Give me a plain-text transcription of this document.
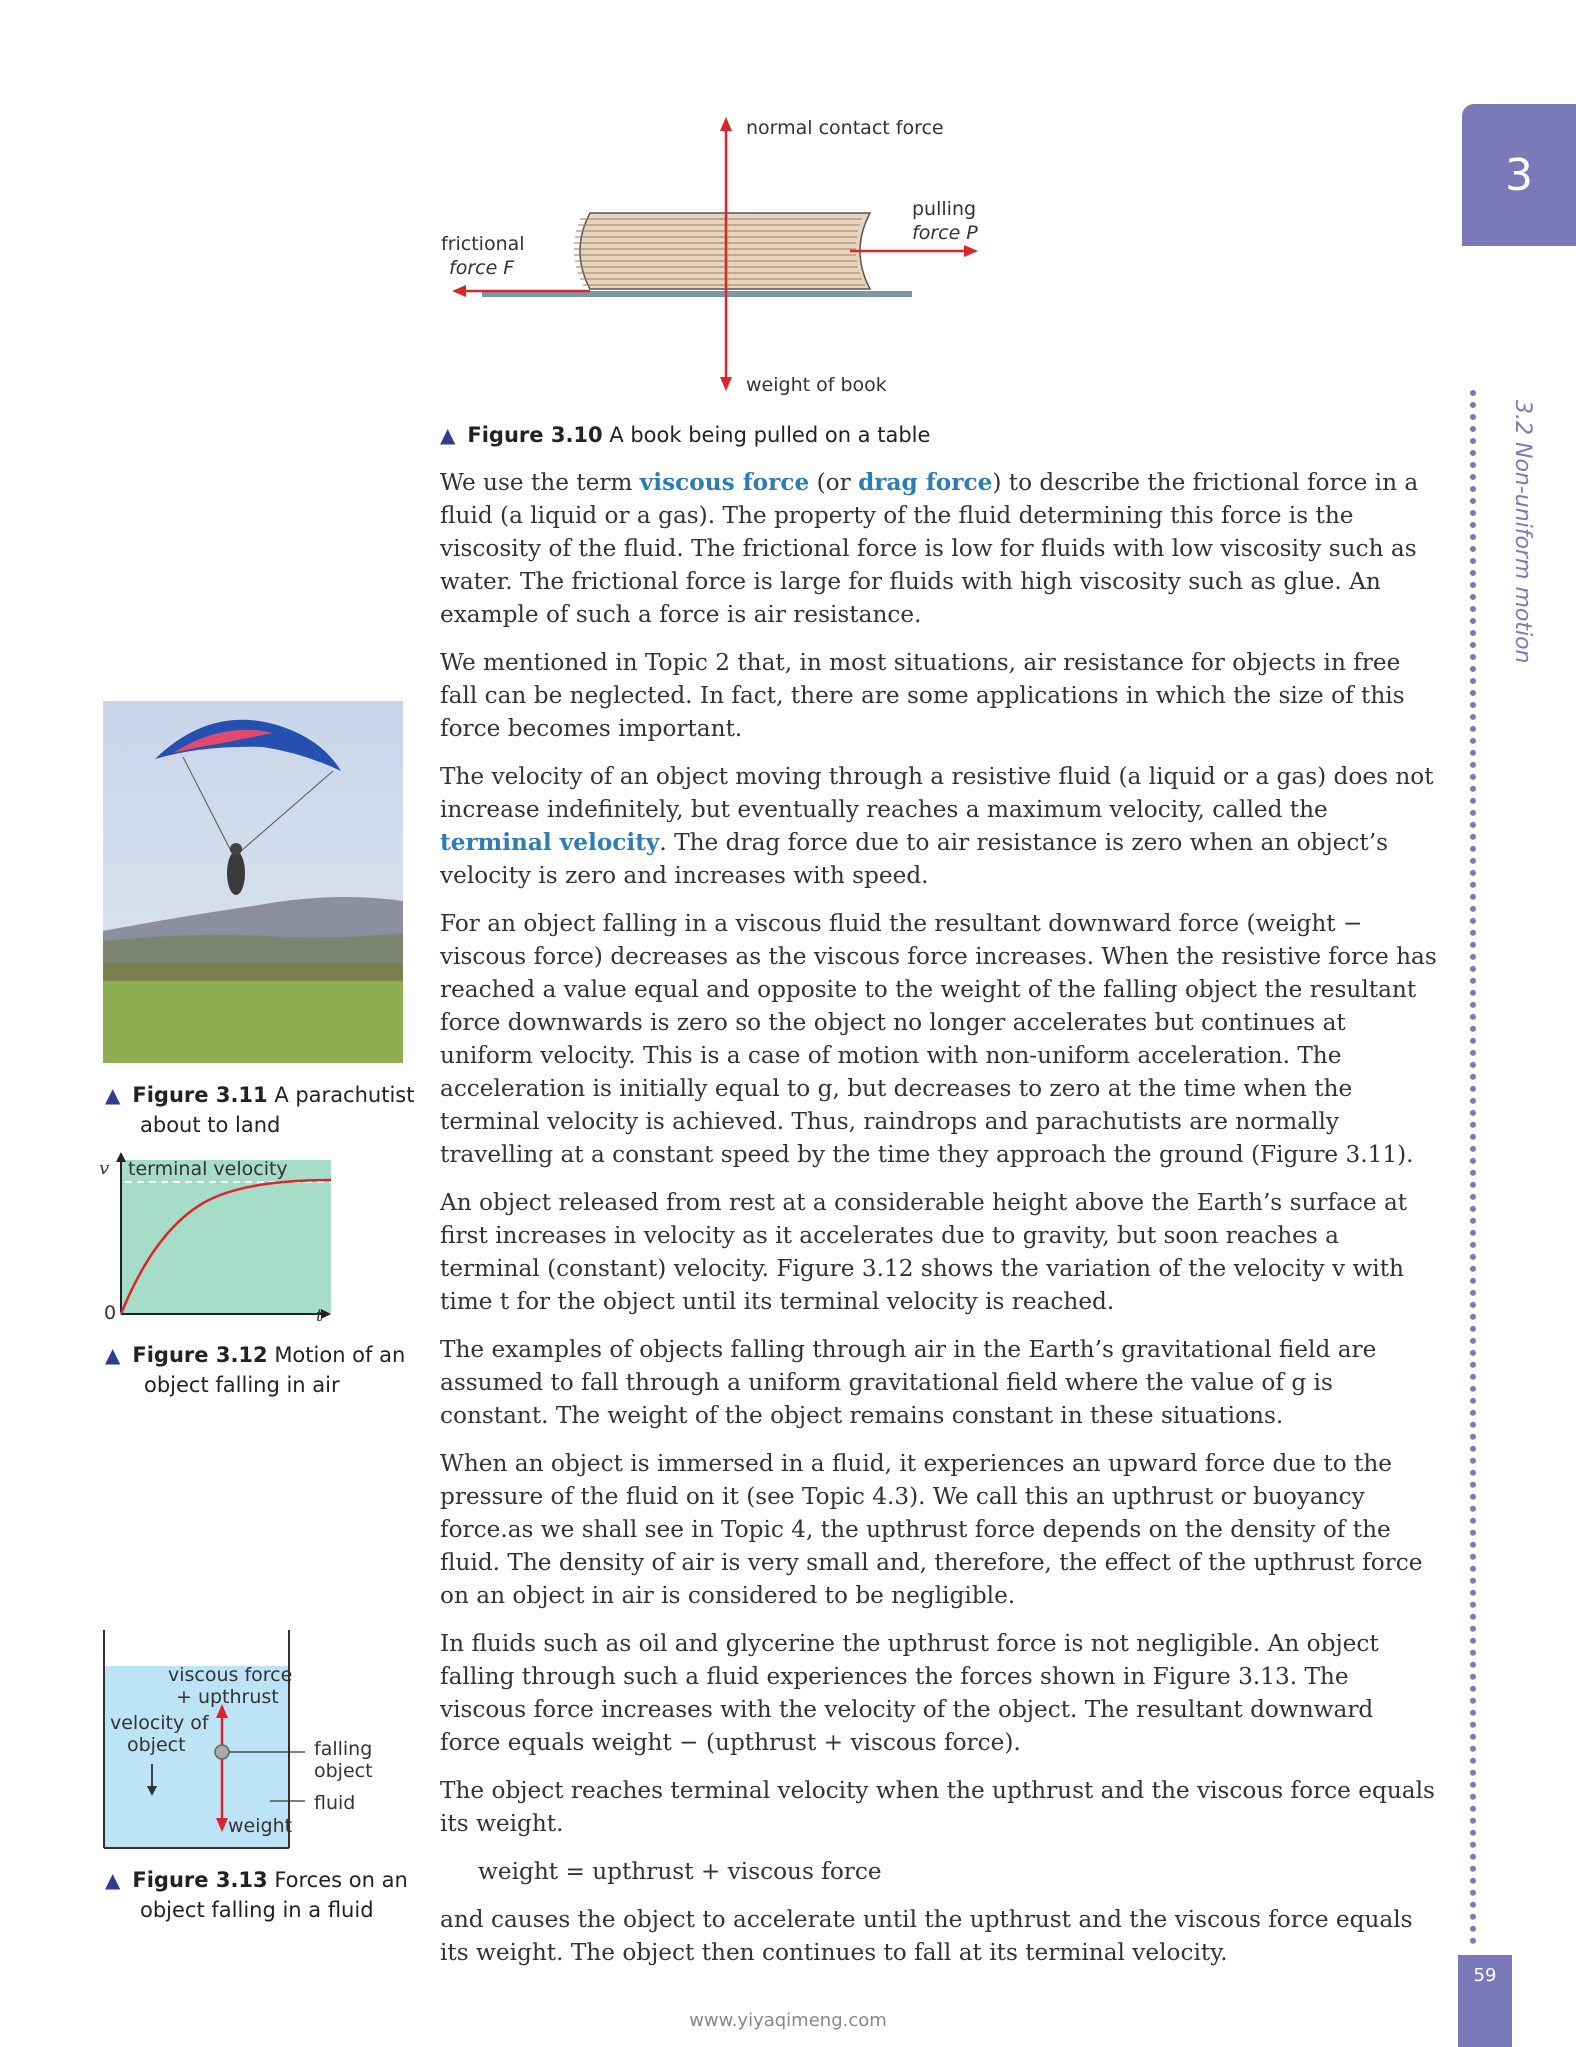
3
3.2 Non-uniform motion
59
normal contact force
pulling
force P
frictional
force F
weight of book
▲ Figure 3.10 A book being pulled on a table
▲ Figure 3.11 A parachutist
about to land
v terminal velocity
0	t
▲ Figure 3.12 Motion of an
object falling in air
viscous force
+ upthrust
velocity of
object	falling
object
fluid
weight
▲ Figure 3.13 Forces on an
object falling in a fluid

We use the term viscous force (or drag force) to describe the frictional force in a fluid (a liquid or a gas). The property of the fluid determining this force is the viscosity of the fluid. The frictional force is low for fluids with low viscosity such as water. The frictional force is large for fluids with high viscosity such as glue. An example of such a force is air resistance.

We mentioned in Topic 2 that, in most situations, air resistance for objects in free fall can be neglected. In fact, there are some applications in which the size of this force becomes important.

The velocity of an object moving through a resistive fluid (a liquid or a gas) does not increase indefinitely, but eventually reaches a maximum velocity, called the terminal velocity. The drag force due to air resistance is zero when an object’s velocity is zero and increases with speed.

For an object falling in a viscous fluid the resultant downward force (weight − viscous force) decreases as the viscous force increases. When the resistive force has reached a value equal and opposite to the weight of the falling object the resultant force downwards is zero so the object no longer accelerates but continues at uniform velocity. This is a case of motion with non-uniform acceleration. The acceleration is initially equal to g, but decreases to zero at the time when the terminal velocity is achieved. Thus, raindrops and parachutists are normally travelling at a constant speed by the time they approach the ground (Figure 3.11).

An object released from rest at a considerable height above the Earth’s surface at first increases in velocity as it accelerates due to gravity, but soon reaches a terminal (constant) velocity. Figure 3.12 shows the variation of the velocity v with time t for the object until its terminal velocity is reached.

The examples of objects falling through air in the Earth’s gravitational field are assumed to fall through a uniform gravitational field where the value of g is constant. The weight of the object remains constant in these situations.

When an object is immersed in a fluid, it experiences an upward force due to the pressure of the fluid on it (see Topic 4.3). We call this an upthrust or buoyancy force.as we shall see in Topic 4, the upthrust force depends on the density of the fluid. The density of air is very small and, therefore, the effect of the upthrust force on an object in air is considered to be negligible.

In fluids such as oil and glycerine the upthrust force is not negligible. An object falling through such a fluid experiences the forces shown in Figure 3.13. The viscous force increases with the velocity of the object. The resultant downward force equals weight − (upthrust + viscous force).

The object reaches terminal velocity when the upthrust and the viscous force equals its weight.

weight = upthrust + viscous force

and causes the object to accelerate until the upthrust and the viscous force equals its weight. The object then continues to fall at its terminal velocity.

www.yiyaqimeng.com
